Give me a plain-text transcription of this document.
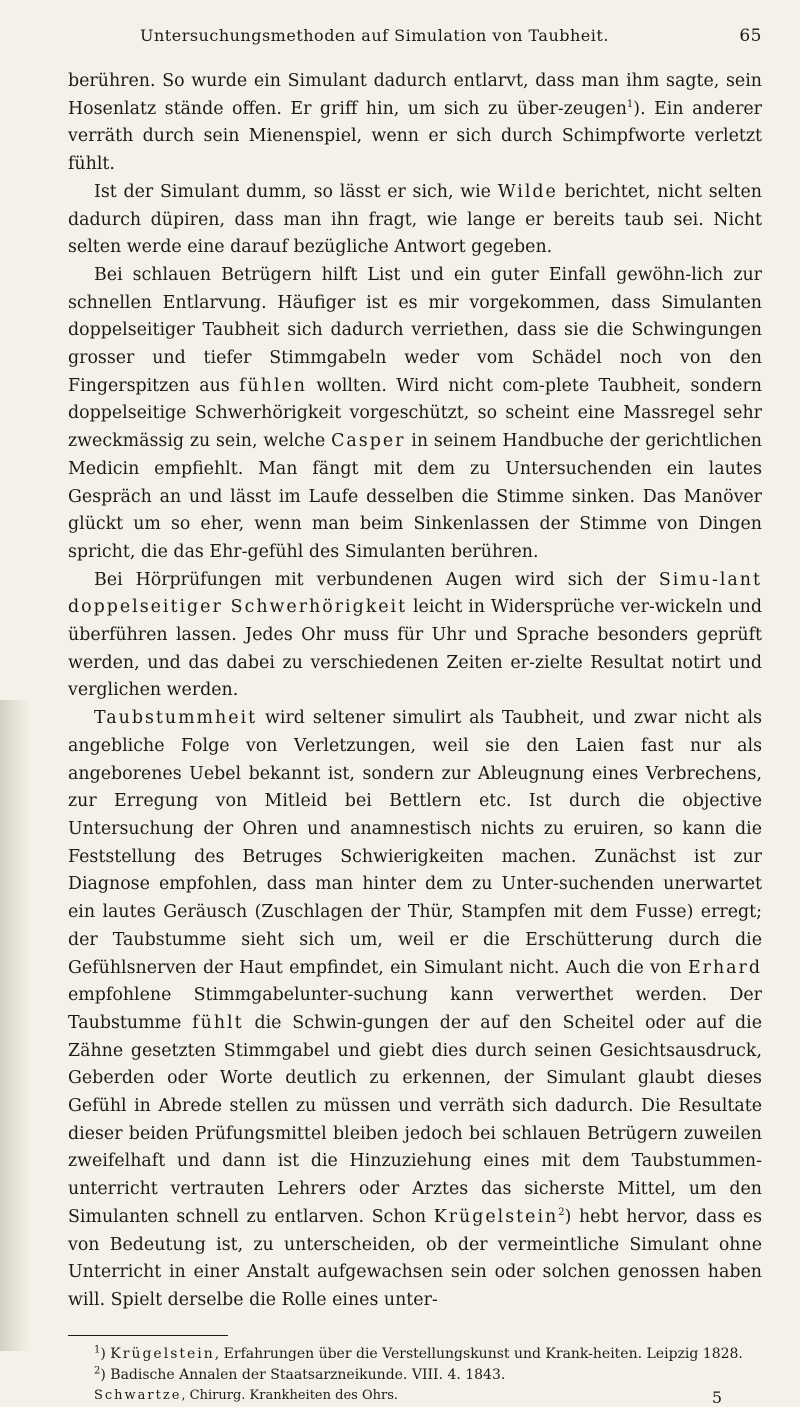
Untersuchungsmethoden auf Simulation von Taubheit.	65

berühren. So wurde ein Simulant dadurch entlarvt, dass man ihm sagte, sein Hosenlatz stände offen. Er griff hin, um sich zu über-zeugen$^1$). Ein anderer verräth durch sein Mienenspiel, wenn er sich durch Schimpfworte verletzt fühlt.

Ist der Simulant dumm, so lässt er sich, wie Wilde berichtet, nicht selten dadurch düpiren, dass man ihn fragt, wie lange er bereits taub sei. Nicht selten werde eine darauf bezügliche Antwort gegeben.

Bei schlauen Betrügern hilft List und ein guter Einfall gewöhn-lich zur schnellen Entlarvung. Häufiger ist es mir vorgekommen, dass Simulanten doppelseitiger Taubheit sich dadurch verriethen, dass sie die Schwingungen grosser und tiefer Stimmgabeln weder vom Schädel noch von den Fingerspitzen aus fühlen wollten. Wird nicht com-plete Taubheit, sondern doppelseitige Schwerhörigkeit vorgeschützt, so scheint eine Massregel sehr zweckmässig zu sein, welche Casper in seinem Handbuche der gerichtlichen Medicin empfiehlt. Man fängt mit dem zu Untersuchenden ein lautes Gespräch an und lässt im Laufe desselben die Stimme sinken. Das Manöver glückt um so eher, wenn man beim Sinkenlassen der Stimme von Dingen spricht, die das Ehr-gefühl des Simulanten berühren.

Bei Hörprüfungen mit verbundenen Augen wird sich der Simu-lant doppelseitiger Schwerhörigkeit leicht in Widersprüche ver-wickeln und überführen lassen. Jedes Ohr muss für Uhr und Sprache besonders geprüft werden, und das dabei zu verschiedenen Zeiten er-zielte Resultat notirt und verglichen werden.

Taubstummheit wird seltener simulirt als Taubheit, und zwar nicht als angebliche Folge von Verletzungen, weil sie den Laien fast nur als angeborenes Uebel bekannt ist, sondern zur Ableugnung eines Verbrechens, zur Erregung von Mitleid bei Bettlern etc. Ist durch die objective Untersuchung der Ohren und anamnestisch nichts zu eruiren, so kann die Feststellung des Betruges Schwierigkeiten machen. Zunächst ist zur Diagnose empfohlen, dass man hinter dem zu Unter-suchenden unerwartet ein lautes Geräusch (Zuschlagen der Thür, Stampfen mit dem Fusse) erregt; der Taubstumme sieht sich um, weil er die Erschütterung durch die Gefühlsnerven der Haut empfindet, ein Simulant nicht. Auch die von Erhard empfohlene Stimmgabelunter-suchung kann verwerthet werden. Der Taubstumme fühlt die Schwin-gungen der auf den Scheitel oder auf die Zähne gesetzten Stimmgabel und giebt dies durch seinen Gesichtsausdruck, Geberden oder Worte deutlich zu erkennen, der Simulant glaubt dieses Gefühl in Abrede stellen zu müssen und verräth sich dadurch. Die Resultate dieser beiden Prüfungsmittel bleiben jedoch bei schlauen Betrügern zuweilen zweifelhaft und dann ist die Hinzuziehung eines mit dem Taubstummen-unterricht vertrauten Lehrers oder Arztes das sicherste Mittel, um den Simulanten schnell zu entlarven. Schon Krügelstein$^2$) hebt hervor, dass es von Bedeutung ist, zu unterscheiden, ob der vermeintliche Simulant ohne Unterricht in einer Anstalt aufgewachsen sein oder solchen genossen haben will. Spielt derselbe die Rolle eines unter-

$^1$) Krügelstein, Erfahrungen über die Verstellungskunst und Krank-heiten. Leipzig 1828.

$^2$) Badische Annalen der Staatsarzneikunde. VIII. 4. 1843.

Schwartze, Chirurg. Krankheiten des Ohrs.	5
